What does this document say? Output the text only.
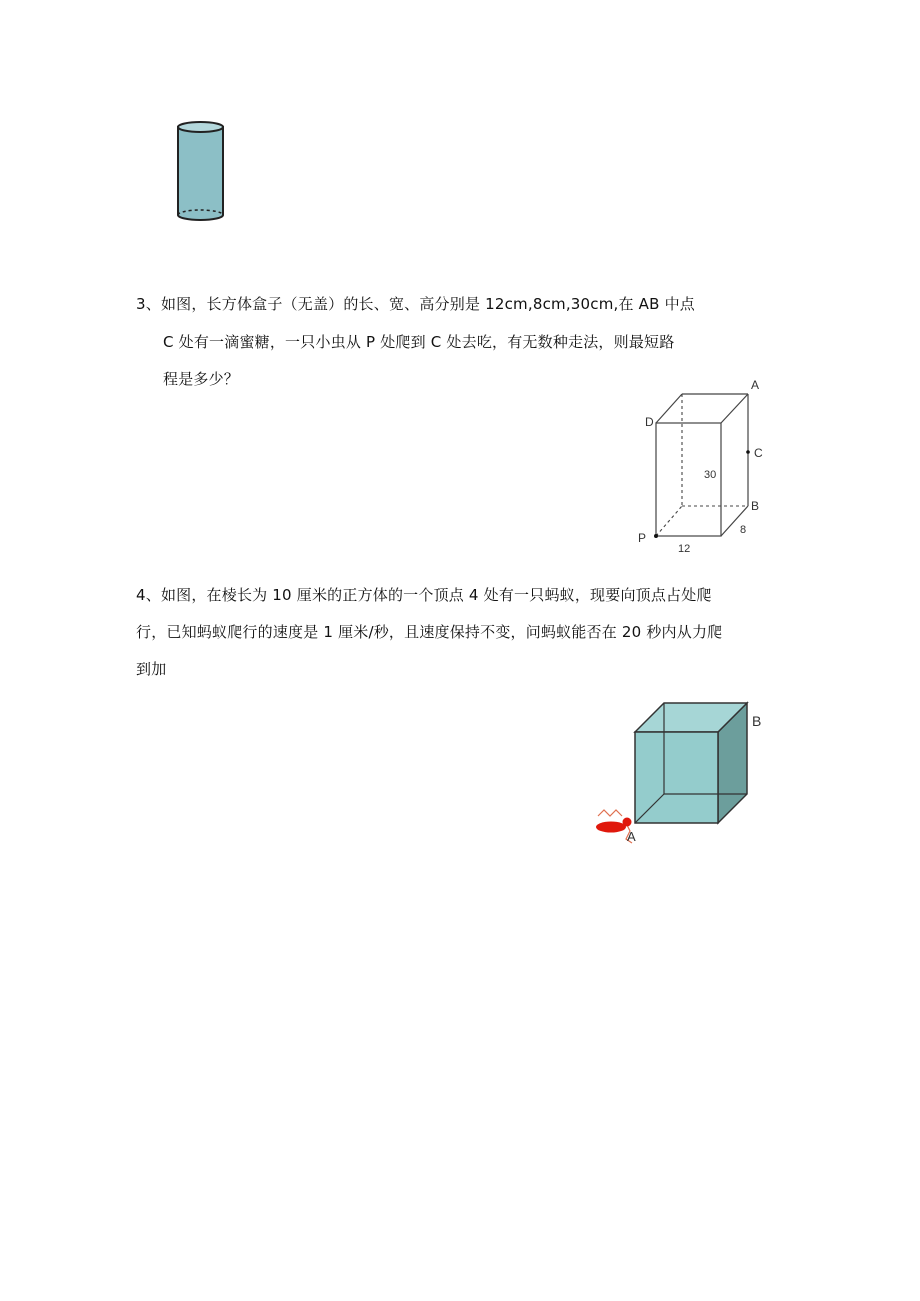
3、如图，长方体盒子（无盖）的长、宽、高分别是 12cm,8cm,30cm,在 AB 中点
C 处有一滴蜜糖，一只小虫从 P 处爬到 C 处去吃，有无数种走法，则最短路
程是多少？	A
D
C
30
B
8
P
12
4、如图，在棱长为 10 厘米的正方体的一个顶点 4 处有一只蚂蚁，现要向顶点占处爬
行，已知蚂蚁爬行的速度是 1 厘米/秒，且速度保持不变，问蚂蚁能否在 20 秒内从力爬
到加
B
A
